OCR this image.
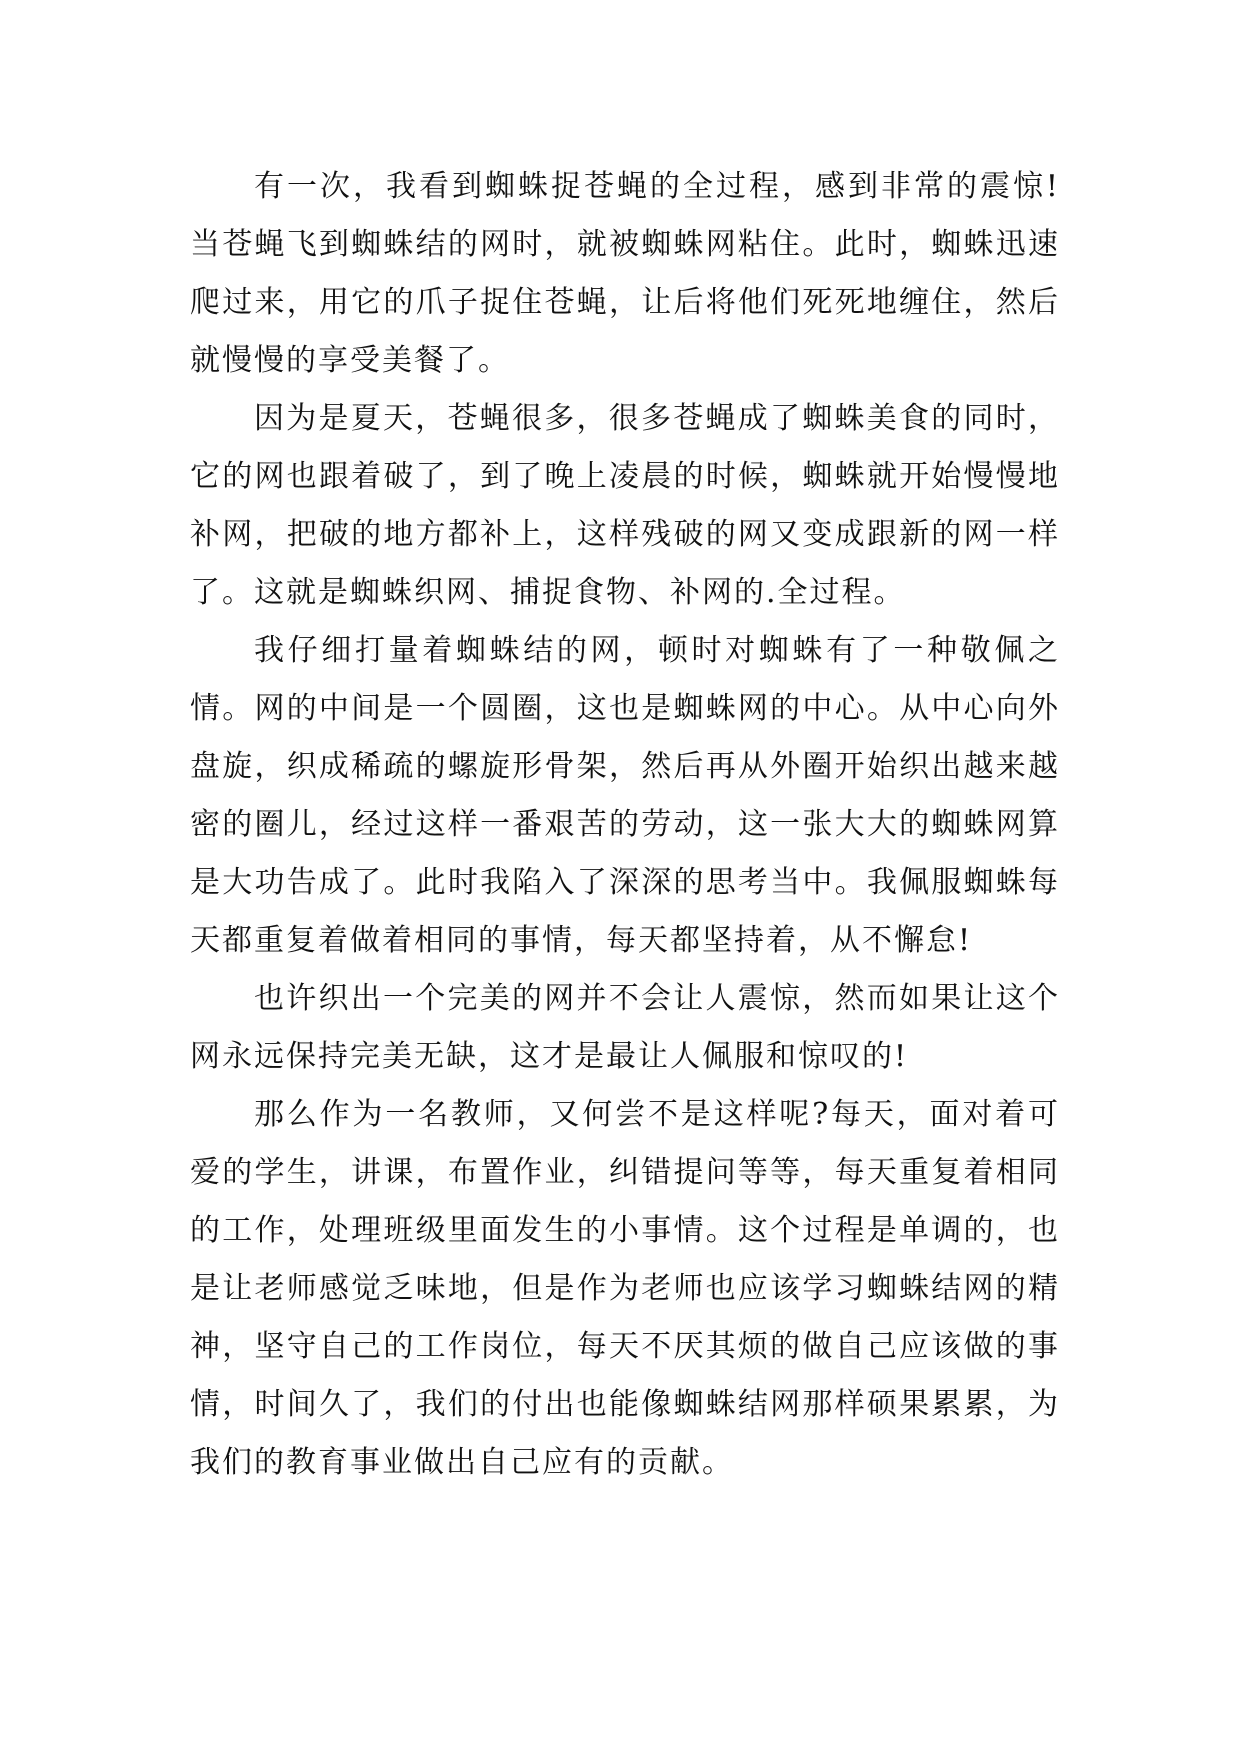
有一次，我看到蜘蛛捉苍蝇的全过程，感到非常的震惊!当苍蝇飞到蜘蛛结的网时，就被蜘蛛网粘住。此时，蜘蛛迅速爬过来，用它的爪子捉住苍蝇，让后将他们死死地缠住，然后就慢慢的享受美餐了。

因为是夏天，苍蝇很多，很多苍蝇成了蜘蛛美食的同时，它的网也跟着破了，到了晚上凌晨的时候，蜘蛛就开始慢慢地补网，把破的地方都补上，这样残破的网又变成跟新的网一样了。这就是蜘蛛织网、捕捉食物、补网的.全过程。

我仔细打量着蜘蛛结的网，顿时对蜘蛛有了一种敬佩之情。网的中间是一个圆圈，这也是蜘蛛网的中心。从中心向外盘旋，织成稀疏的螺旋形骨架，然后再从外圈开始织出越来越密的圈儿，经过这样一番艰苦的劳动，这一张大大的蜘蛛网算是大功告成了。此时我陷入了深深的思考当中。我佩服蜘蛛每天都重复着做着相同的事情，每天都坚持着，从不懈怠!

也许织出一个完美的网并不会让人震惊，然而如果让这个网永远保持完美无缺，这才是最让人佩服和惊叹的!

那么作为一名教师，又何尝不是这样呢?每天，面对着可爱的学生，讲课，布置作业，纠错提问等等，每天重复着相同的工作，处理班级里面发生的小事情。这个过程是单调的，也是让老师感觉乏味地，但是作为老师也应该学习蜘蛛结网的精神，坚守自己的工作岗位，每天不厌其烦的做自己应该做的事情，时间久了，我们的付出也能像蜘蛛结网那样硕果累累，为我们的教育事业做出自己应有的贡献。
